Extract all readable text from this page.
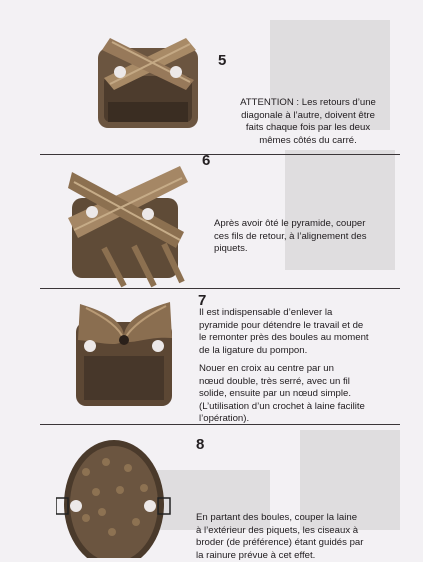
5

ATTENTION : Les retours d’une
diagonale à l’autre, doivent être
faits chaque fois par les deux
mêmes côtés du carré.

6

Après avoir ôté le pyramide, couper
ces fils de retour, à l’alignement des
piquets.

7

Il est indispensable d’enlever la
pyramide pour détendre le travail et de
le remonter près des boules au moment
de la ligature du pompon.

Nouer en croix au centre par un
nœud double, très serré, avec un fil
solide, ensuite par un nœud simple.
(L’utilisation d’un crochet à laine facilite
l’opération).

8

En partant des boules, couper la laine
à l’extérieur des piquets, les ciseaux à
broder (de préférence) étant guidés par
la rainure prévue à cet effet.
